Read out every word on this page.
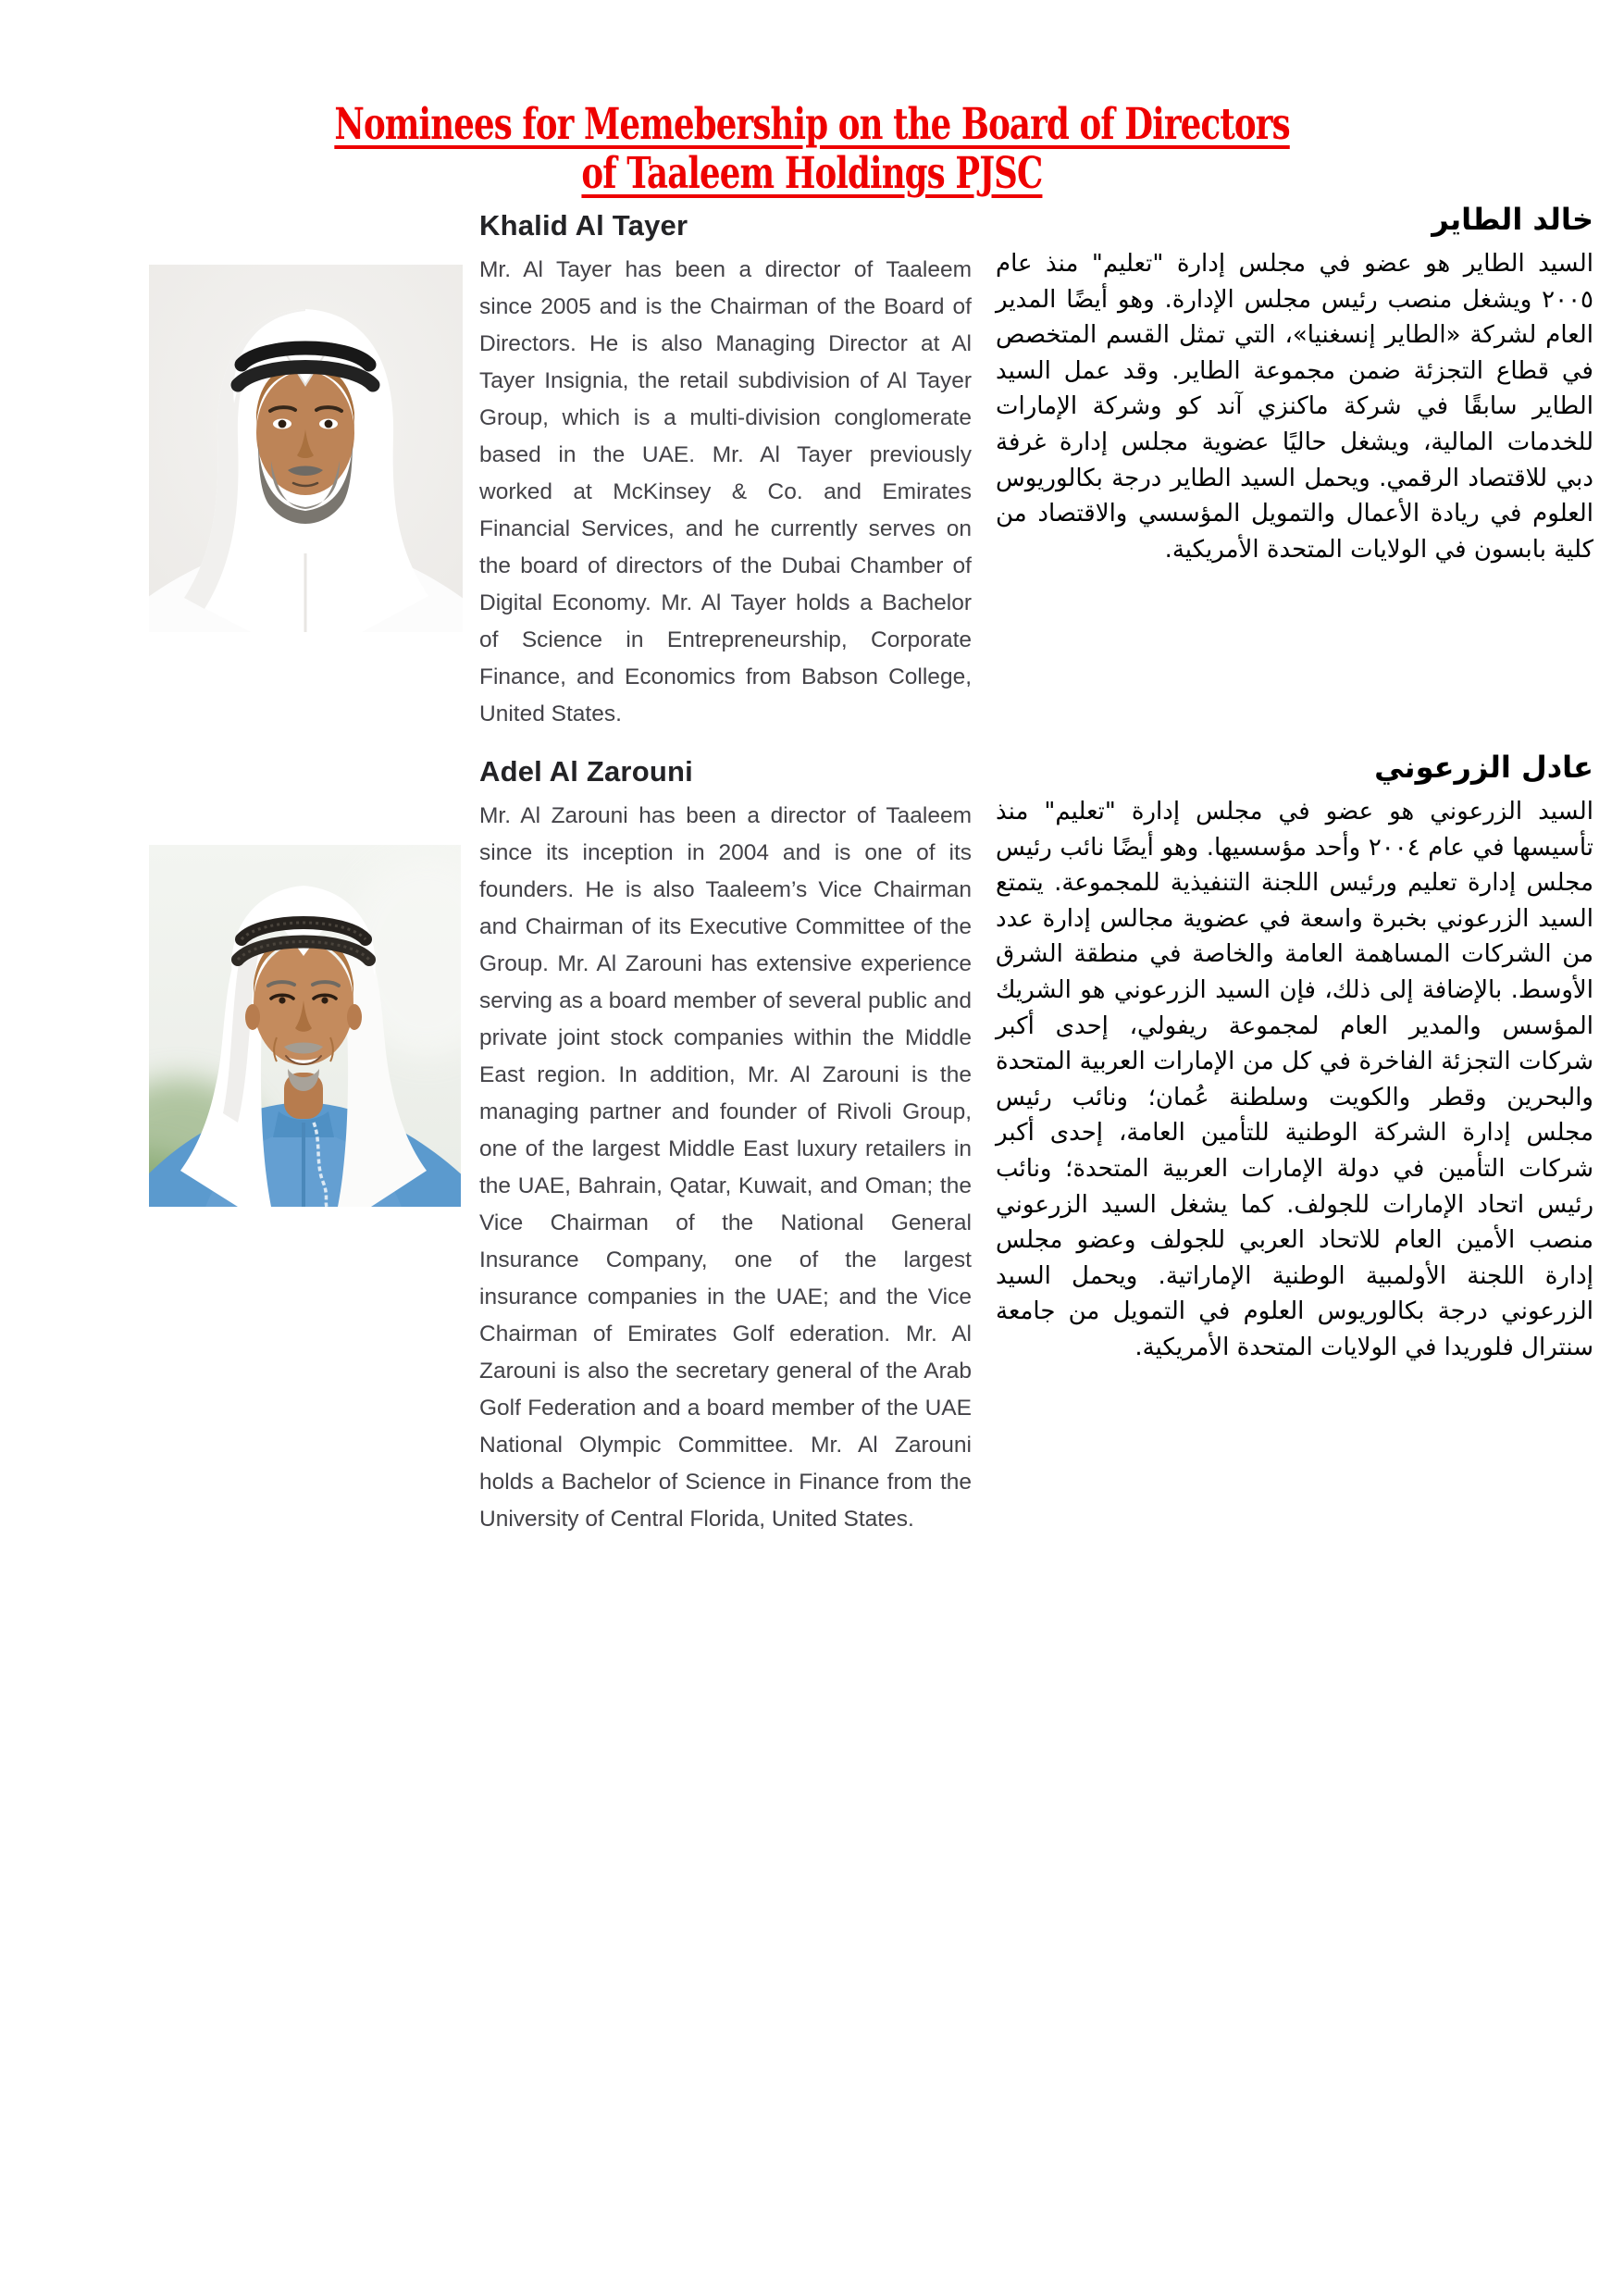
Nominees for Memebership on the Board of Directors
of Taaleem Holdings PJSC
Khalid Al Tayer
Mr. Al Tayer has been a director of Taaleem since 2005 and is the Chairman of the Board of Directors. He is also Managing Director at Al Tayer Insignia, the retail subdivision of Al Tayer Group, which is a multi-division conglomerate based in the UAE. Mr. Al Tayer previously worked at McKinsey & Co. and Emirates Financial Services, and he currently serves on the board of directors of the Dubai Chamber of Digital Economy. Mr. Al Tayer holds a Bachelor of Science in Entrepreneurship, Corporate Finance, and Economics from Babson College, United States.
خالد الطاير
السيد الطاير هو عضو في مجلس إدارة "تعليم" منذ عام ٢٠٠٥ ويشغل منصب رئيس مجلس الإدارة. وهو أيضًا المدير العام لشركة «الطاير إنسغنيا»، التي تمثل القسم المتخصص في قطاع التجزئة ضمن مجموعة الطاير. وقد عمل السيد الطاير سابقًا في شركة ماكنزي آند كو وشركة الإمارات للخدمات المالية، ويشغل حاليًا عضوية مجلس إدارة غرفة دبي للاقتصاد الرقمي. ويحمل السيد الطاير درجة بكالوريوس العلوم في ريادة الأعمال والتمويل المؤسسي والاقتصاد من كلية بابسون في الولايات المتحدة الأمريكية.
Adel Al Zarouni
Mr. Al Zarouni has been a director of Taaleem since its inception in 2004 and is one of its founders. He is also Taaleem’s Vice Chairman and Chairman of its Executive Committee of the Group. Mr. Al Zarouni has extensive experience serving as a board member of several public and private joint stock companies within the Middle East region. In addition, Mr. Al Zarouni is the managing partner and founder of Rivoli Group, one of the largest Middle East luxury retailers in the UAE, Bahrain, Qatar, Kuwait, and Oman; the Vice Chairman of the National General Insurance Company, one of the largest insurance companies in the UAE; and the Vice Chairman of Emirates Golf ederation. Mr. Al Zarouni is also the secretary general of the Arab Golf Federation and a board member of the UAE National Olympic Committee. Mr. Al Zarouni holds a Bachelor of Science in Finance from the University of Central Florida, United States.
عادل الزرعوني
السيد الزرعوني هو عضو في مجلس إدارة "تعليم" منذ تأسيسها في عام ٢٠٠٤ وأحد مؤسسيها. وهو أيضًا نائب رئيس مجلس إدارة تعليم ورئيس اللجنة التنفيذية للمجموعة. يتمتع السيد الزرعوني بخبرة واسعة في عضوية مجالس إدارة عدد من الشركات المساهمة العامة والخاصة في منطقة الشرق الأوسط. بالإضافة إلى ذلك، فإن السيد الزرعوني هو الشريك المؤسس والمدير العام لمجموعة ريفولي، إحدى أكبر شركات التجزئة الفاخرة في كل من الإمارات العربية المتحدة والبحرين وقطر والكويت وسلطنة عُمان؛ ونائب رئيس مجلس إدارة الشركة الوطنية للتأمين العامة، إحدى أكبر شركات التأمين في دولة الإمارات العربية المتحدة؛ ونائب رئيس اتحاد الإمارات للجولف. كما يشغل السيد الزرعوني منصب الأمين العام للاتحاد العربي للجولف وعضو مجلس إدارة اللجنة الأولمبية الوطنية الإماراتية. ويحمل السيد الزرعوني درجة بكالوريوس العلوم في التمويل من جامعة سنترال فلوريدا في الولايات المتحدة الأمريكية.
